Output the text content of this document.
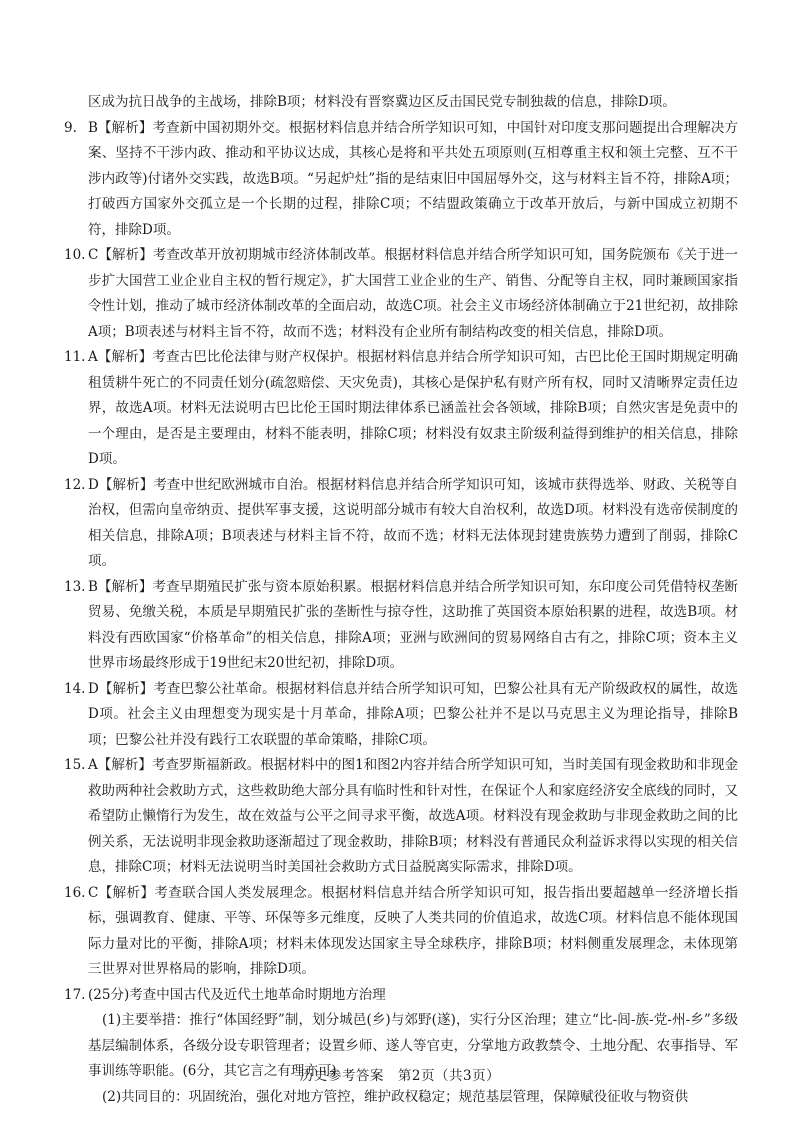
区成为抗日战争的主战场，排除B项；材料没有晋察冀边区反击国民党专制独裁的信息，排除D项。

9. B【解析】考查新中国初期外交。根据材料信息并结合所学知识可知，中国针对印度支那问题提出合理解决方案、坚持不干涉内政、推动和平协议达成，其核心是将和平共处五项原则(互相尊重主权和领土完整、互不干涉内政等)付诸外交实践，故选B项。“另起炉灶”指的是结束旧中国屈辱外交，这与材料主旨不符，排除A项；打破西方国家外交孤立是一个长期的过程，排除C项；不结盟政策确立于改革开放后，与新中国成立初期不符，排除D项。

10. C【解析】考查改革开放初期城市经济体制改革。根据材料信息并结合所学知识可知，国务院颁布《关于进一步扩大国营工业企业自主权的暂行规定》，扩大国营工业企业的生产、销售、分配等自主权，同时兼顾国家指令性计划，推动了城市经济体制改革的全面启动，故选C项。社会主义市场经济体制确立于21世纪初，故排除A项；B项表述与材料主旨不符，故而不选；材料没有企业所有制结构改变的相关信息，排除D项。

11. A【解析】考查古巴比伦法律与财产权保护。根据材料信息并结合所学知识可知，古巴比伦王国时期规定明确租赁耕牛死亡的不同责任划分(疏忽赔偿、天灾免责)，其核心是保护私有财产所有权，同时又清晰界定责任边界，故选A项。材料无法说明古巴比伦王国时期法律体系已涵盖社会各领域，排除B项；自然灾害是免责中的一个理由，是否是主要理由，材料不能表明，排除C项；材料没有奴隶主阶级利益得到维护的相关信息，排除D项。

12. D【解析】考查中世纪欧洲城市自治。根据材料信息并结合所学知识可知，该城市获得选举、财政、关税等自治权，但需向皇帝纳贡、提供军事支援，这说明部分城市有较大自治权利，故选D项。材料没有选帝侯制度的相关信息，排除A项；B项表述与材料主旨不符，故而不选；材料无法体现封建贵族势力遭到了削弱，排除C项。

13. B【解析】考查早期殖民扩张与资本原始积累。根据材料信息并结合所学知识可知，东印度公司凭借特权垄断贸易、免缴关税，本质是早期殖民扩张的垄断性与掠夺性，这助推了英国资本原始积累的进程，故选B项。材料没有西欧国家“价格革命”的相关信息，排除A项；亚洲与欧洲间的贸易网络自古有之，排除C项；资本主义世界市场最终形成于19世纪末20世纪初，排除D项。

14. D【解析】考查巴黎公社革命。根据材料信息并结合所学知识可知，巴黎公社具有无产阶级政权的属性，故选D项。社会主义由理想变为现实是十月革命，排除A项；巴黎公社并不是以马克思主义为理论指导，排除B项；巴黎公社并没有践行工农联盟的革命策略，排除C项。

15. A【解析】考查罗斯福新政。根据材料中的图1和图2内容并结合所学知识可知，当时美国有现金救助和非现金救助两种社会救助方式，这些救助绝大部分具有临时性和针对性，在保证个人和家庭经济安全底线的同时，又希望防止懒惰行为发生，故在效益与公平之间寻求平衡，故选A项。材料没有现金救助与非现金救助之间的比例关系，无法说明非现金救助逐渐超过了现金救助，排除B项；材料没有普通民众利益诉求得以实现的相关信息，排除C项；材料无法说明当时美国社会救助方式日益脱离实际需求，排除D项。

16. C【解析】考查联合国人类发展理念。根据材料信息并结合所学知识可知，报告指出要超越单一经济增长指标，强调教育、健康、平等、环保等多元维度，反映了人类共同的价值追求，故选C项。材料信息不能体现国际力量对比的平衡，排除A项；材料未体现发达国家主导全球秩序，排除B项；材料侧重发展理念，未体现第三世界对世界格局的影响，排除D项。

17. (25分)考查中国古代及近代土地革命时期地方治理

(1)主要举措：推行“体国经野”制，划分城邑(乡)与郊野(遂)，实行分区治理；建立“比-闾-族-党-州-乡”多级基层编制体系，各级分设专职管理者；设置乡师、遂人等官吏，分掌地方政教禁令、土地分配、农事指导、军事训练等职能。(6分，其它言之有理亦可)

(2)共同目的：巩固统治，强化对地方管控，维护政权稳定；规范基层管理，保障赋役征收与物资供

历史参考答案　第2页（共3页）
